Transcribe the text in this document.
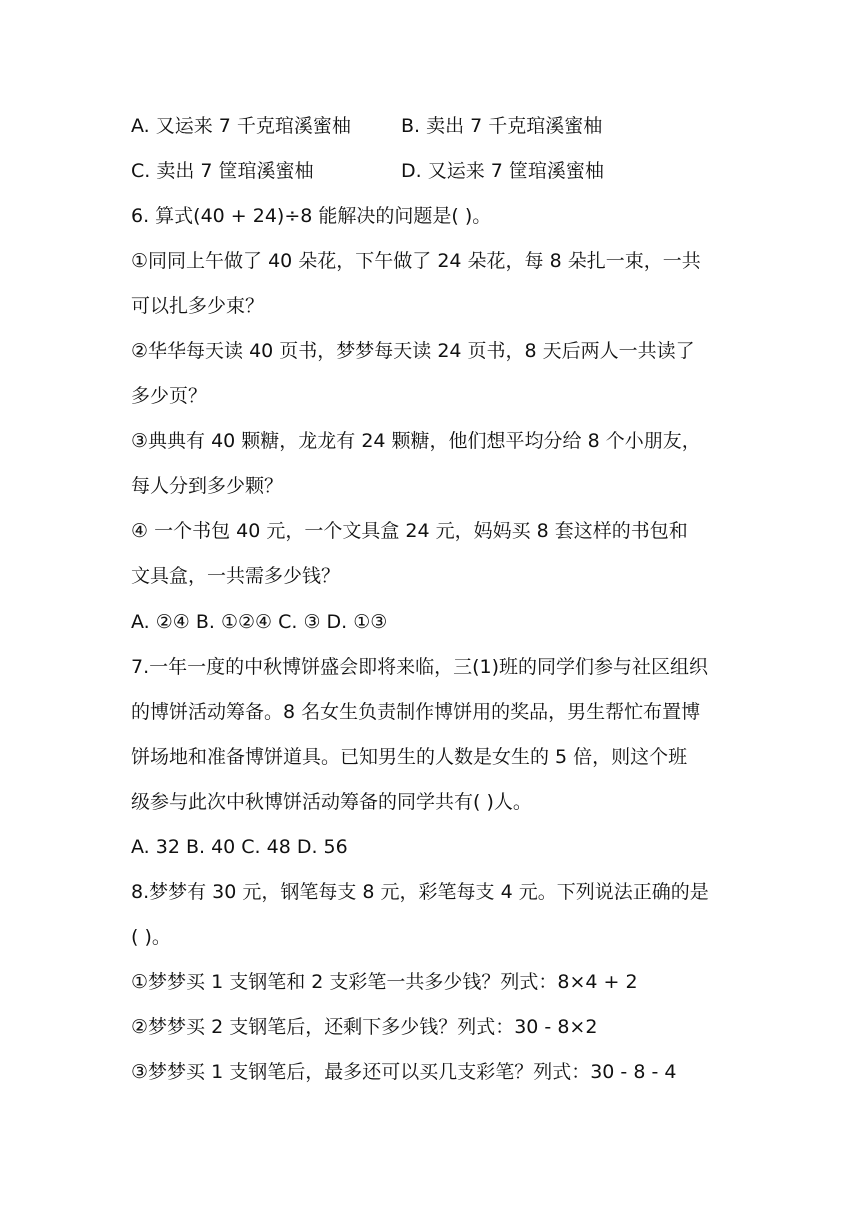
A. 又运来 7 千克琯溪蜜柚	B. 卖出 7 千克琯溪蜜柚
C. 卖出 7 筐琯溪蜜柚	D. 又运来 7 筐琯溪蜜柚
6. 算式(40 + 24)÷8 能解决的问题是( )。
①同同上午做了 40 朵花，下午做了 24 朵花，每 8 朵扎一束，一共
可以扎多少束？
②华华每天读 40 页书，梦梦每天读 24 页书，8 天后两人一共读了
多少页？
③典典有 40 颗糖，龙龙有 24 颗糖，他们想平均分给 8 个小朋友，
每人分到多少颗？
④ 一个书包 40 元，一个文具盒 24 元，妈妈买 8 套这样的书包和
文具盒，一共需多少钱？
A. ②④ B. ①②④ C. ③ D. ①③
7.一年一度的中秋博饼盛会即将来临，三(1)班的同学们参与社区组织
的博饼活动筹备。8 名女生负责制作博饼用的奖品，男生帮忙布置博
饼场地和准备博饼道具。已知男生的人数是女生的 5 倍，则这个班
级参与此次中秋博饼活动筹备的同学共有( )人。
A. 32 B. 40 C. 48 D. 56
8.梦梦有 30 元，钢笔每支 8 元，彩笔每支 4 元。下列说法正确的是
( )。
①梦梦买 1 支钢笔和 2 支彩笔一共多少钱？列式：8×4 + 2
②梦梦买 2 支钢笔后，还剩下多少钱？列式：30 - 8×2
③梦梦买 1 支钢笔后，最多还可以买几支彩笔？列式：30 - 8 - 4
